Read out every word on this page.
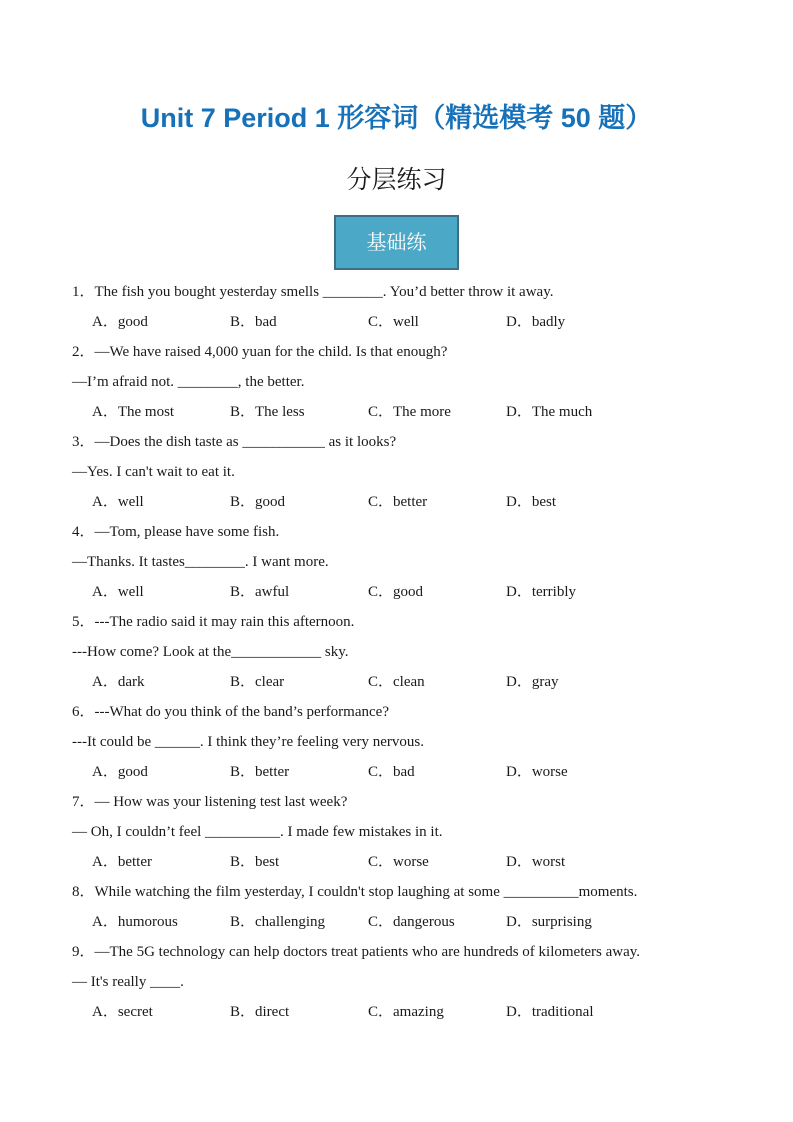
Unit 7 Period 1 形容词（精选模考 50 题）
分层练习
基础练
1．The fish you bought yesterday smells ________. You’d better throw it away.
A．good	B．bad	C．well	D．badly
2．—We have raised 4,000 yuan for the child. Is that enough?
—I’m afraid not. ________, the better.
A．The most	B．The less	C．The more	D．The much
3．—Does the dish taste as ___________ as it looks?
—Yes. I can't wait to eat it.
A．well	B．good	C．better	D．best
4．—Tom, please have some fish.
—Thanks. It tastes________. I want more.
A．well	B．awful	C．good	D．terribly
5．---The radio said it may rain this afternoon.
---How come? Look at the____________ sky.
A．dark	B．clear	C．clean	D．gray
6．---What do you think of the band’s performance?
---It could be ______. I think they’re feeling very nervous.
A．good	B．better	C．bad	D．worse
7．— How was your listening test last week?
— Oh, I couldn’t feel __________. I made few mistakes in it.
A．better	B．best	C．worse	D．worst
8．While watching the film yesterday, I couldn't stop laughing at some __________moments.
A．humorous	B．challenging	C．dangerous	D．surprising
9．—The 5G technology can help doctors treat patients who are hundreds of kilometers away.
— It's really ____.
A．secret	B．direct	C．amazing	D．traditional
